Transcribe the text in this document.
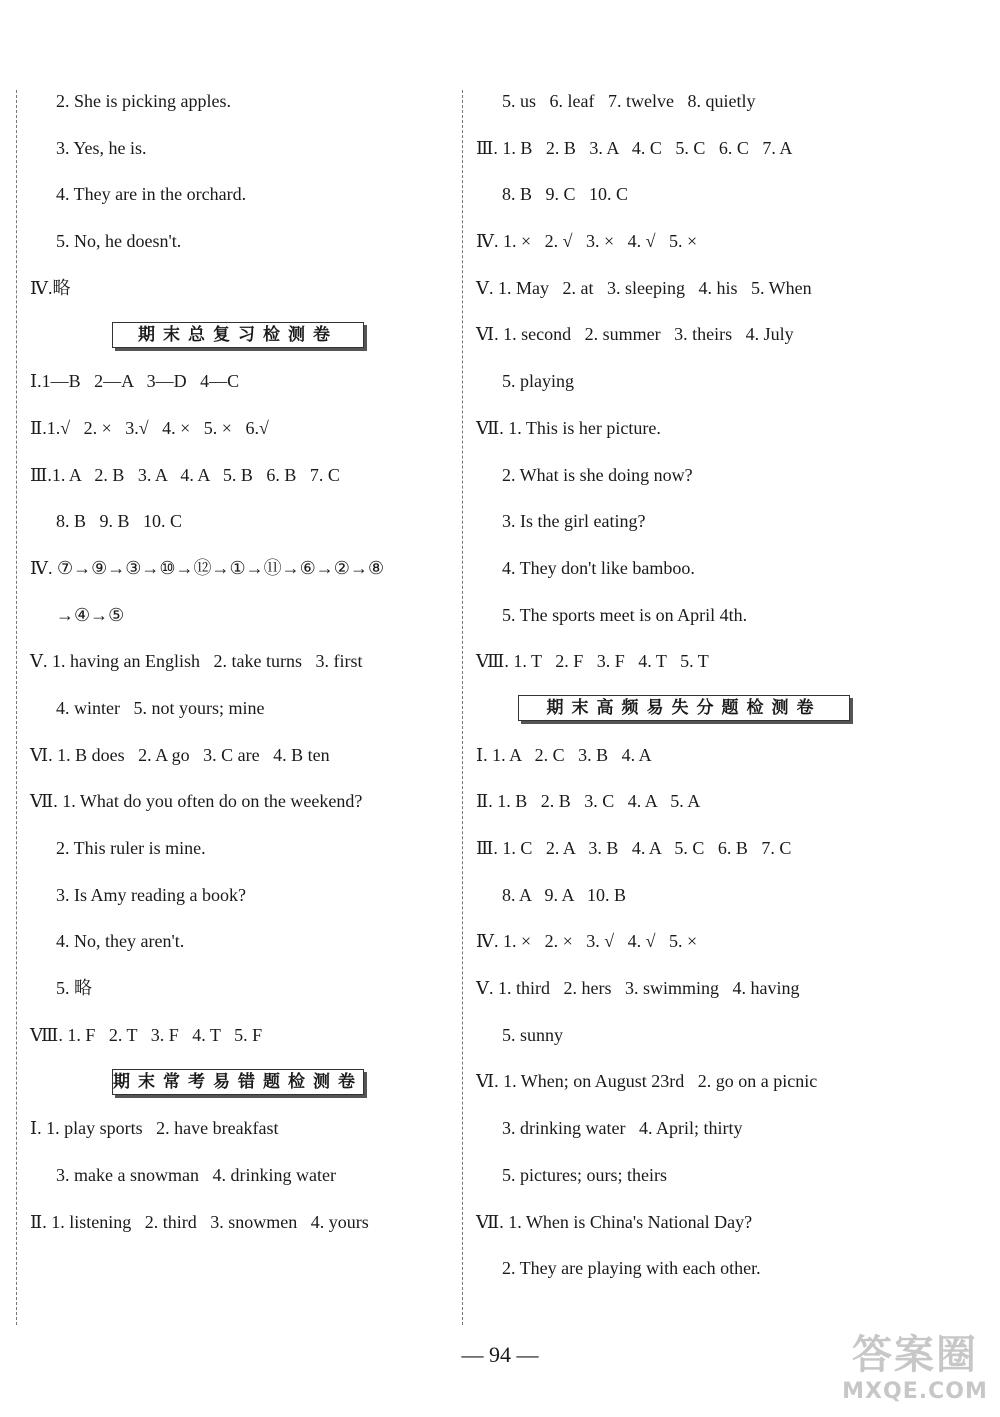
2. She is picking apples.
3. Yes, he is.
4. They are in the orchard.
5. No, he doesn't.
Ⅳ.略
期末总复习检测卷
Ⅰ.1—B   2—A   3—D   4—C
Ⅱ.1.√   2. ×   3.√   4. ×   5. ×   6.√
Ⅲ.1. A   2. B   3. A   4. A   5. B   6. B   7. C
8. B   9. B   10. C
Ⅳ. ⑦→⑨→③→⑩→⑫→①→⑪→⑥→②→⑧
→④→⑤
Ⅴ. 1. having an English   2. take turns   3. first
4. winter   5. not yours; mine
Ⅵ. 1. B does   2. A go   3. C are   4. B ten
Ⅶ. 1. What do you often do on the weekend?
2. This ruler is mine.
3. Is Amy reading a book?
4. No, they aren't.
5. 略
Ⅷ. 1. F   2. T   3. F   4. T   5. F
期末常考易错题检测卷
Ⅰ. 1. play sports   2. have breakfast
3. make a snowman   4. drinking water
Ⅱ. 1. listening   2. third   3. snowmen   4. yours
5. us   6. leaf   7. twelve   8. quietly
Ⅲ. 1. B   2. B   3. A   4. C   5. C   6. C   7. A
8. B   9. C   10. C
Ⅳ. 1. ×   2. √   3. ×   4. √   5. ×
Ⅴ. 1. May   2. at   3. sleeping   4. his   5. When
Ⅵ. 1. second   2. summer   3. theirs   4. July
5. playing
Ⅶ. 1. This is her picture.
2. What is she doing now?
3. Is the girl eating?
4. They don't like bamboo.
5. The sports meet is on April 4th.
Ⅷ. 1. T   2. F   3. F   4. T   5. T
期末高频易失分题检测卷
Ⅰ. 1. A   2. C   3. B   4. A
Ⅱ. 1. B   2. B   3. C   4. A   5. A
Ⅲ. 1. C   2. A   3. B   4. A   5. C   6. B   7. C
8. A   9. A   10. B
Ⅳ. 1. ×   2. ×   3. √   4. √   5. ×
Ⅴ. 1. third   2. hers   3. swimming   4. having
5. sunny
Ⅵ. 1. When; on August 23rd   2. go on a picnic
3. drinking water   4. April; thirty
5. pictures; ours; theirs
Ⅶ. 1. When is China's National Day?
2. They are playing with each other.
— 94 —	答案圈
MXQE.COM
